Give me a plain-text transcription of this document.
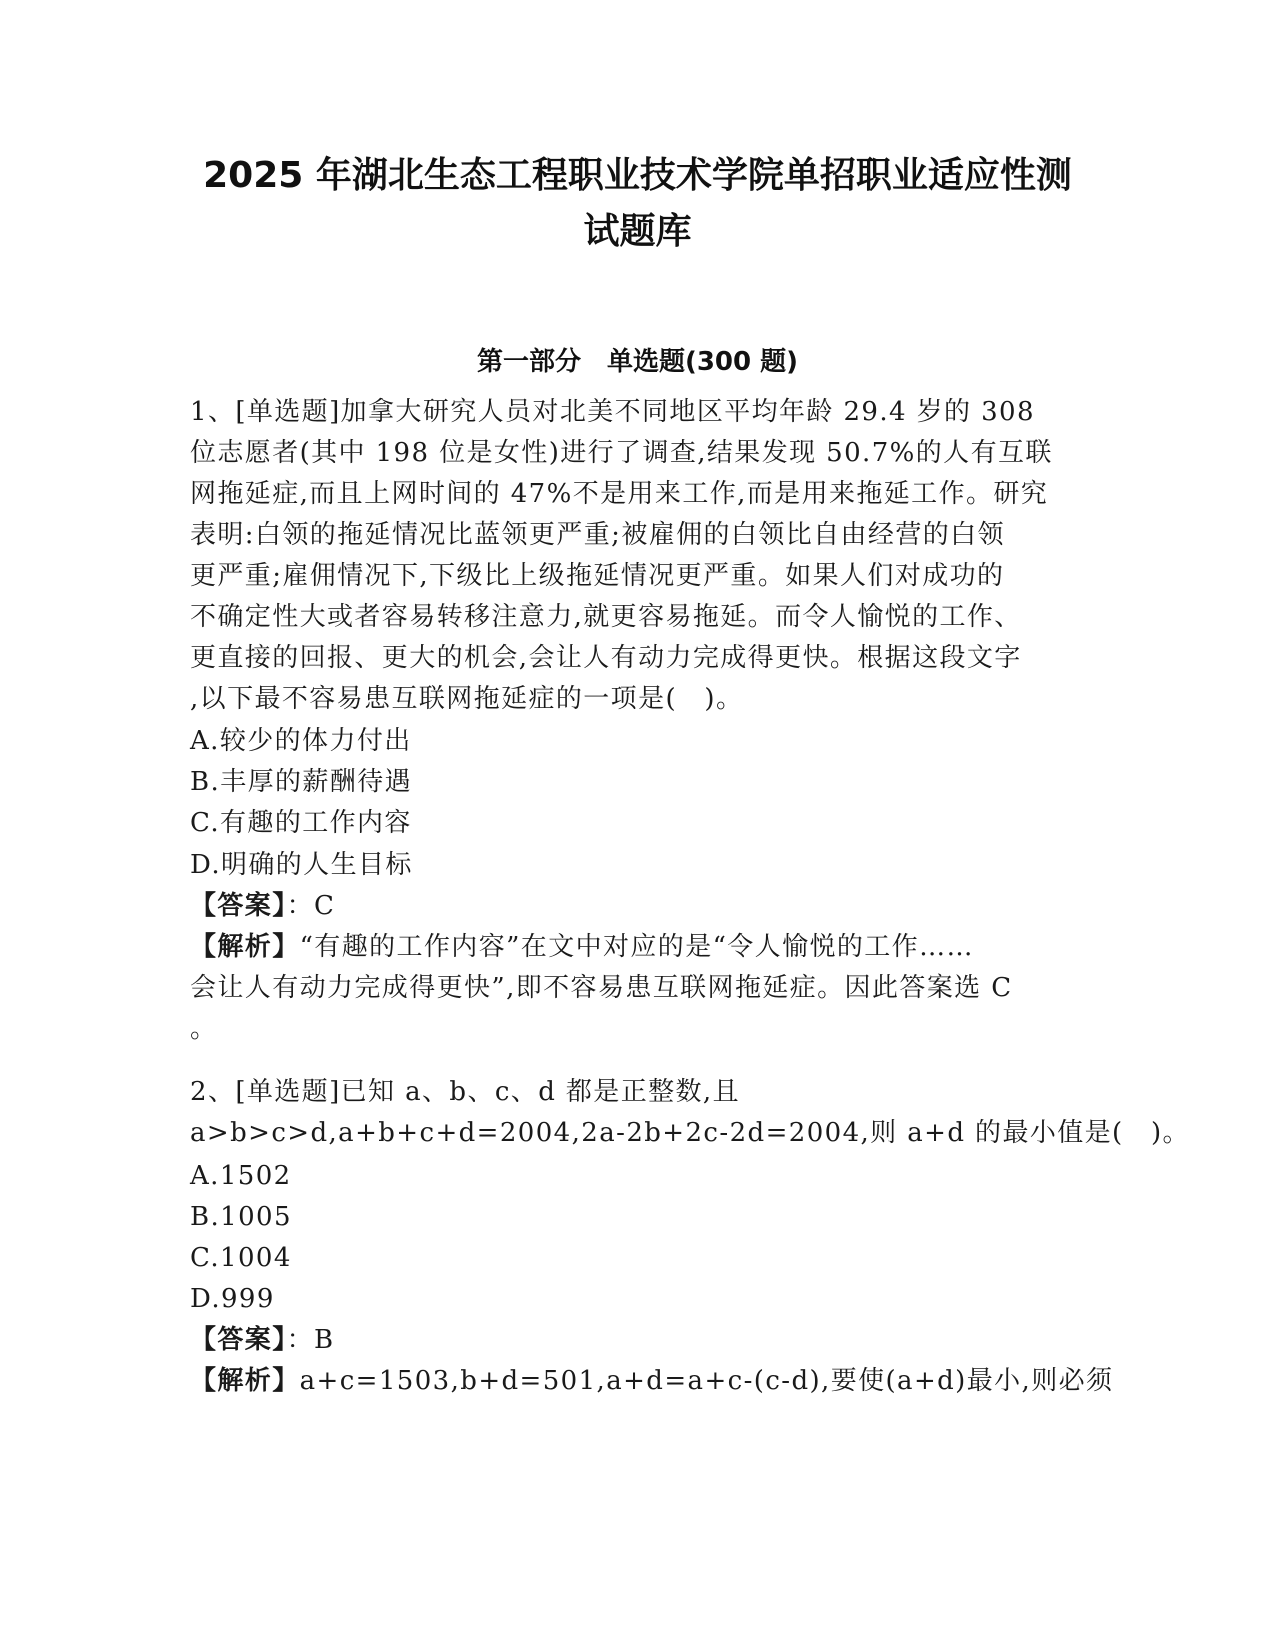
2025 年湖北生态工程职业技术学院单招职业适应性测
试题库
第一部分　单选题(300 题)
1、[单选题]加拿大研究人员对北美不同地区平均年龄 29.4 岁的 308
位志愿者(其中 198 位是女性)进行了调查,结果发现 50.7%的人有互联
网拖延症,而且上网时间的 47%不是用来工作,而是用来拖延工作。研究
表明:白领的拖延情况比蓝领更严重;被雇佣的白领比自由经营的白领
更严重;雇佣情况下,下级比上级拖延情况更严重。如果人们对成功的
不确定性大或者容易转移注意力,就更容易拖延。而令人愉悦的工作、
更直接的回报、更大的机会,会让人有动力完成得更快。根据这段文字
,以下最不容易患互联网拖延症的一项是(　)。
A.较少的体力付出
B.丰厚的薪酬待遇
C.有趣的工作内容
D.明确的人生目标
【答案】：C
【解析】“有趣的工作内容”在文中对应的是“令人愉悦的工作……
会让人有动力完成得更快”,即不容易患互联网拖延症。因此答案选 C
。
2、[单选题]已知 a、b、c、d 都是正整数,且
a>b>c>d,a+b+c+d=2004,2a-2b+2c-2d=2004,则 a+d 的最小值是(　)。
A.1502
B.1005
C.1004
D.999
【答案】：B
【解析】a+c=1503,b+d=501,a+d=a+c-(c-d),要使(a+d)最小,则必须
